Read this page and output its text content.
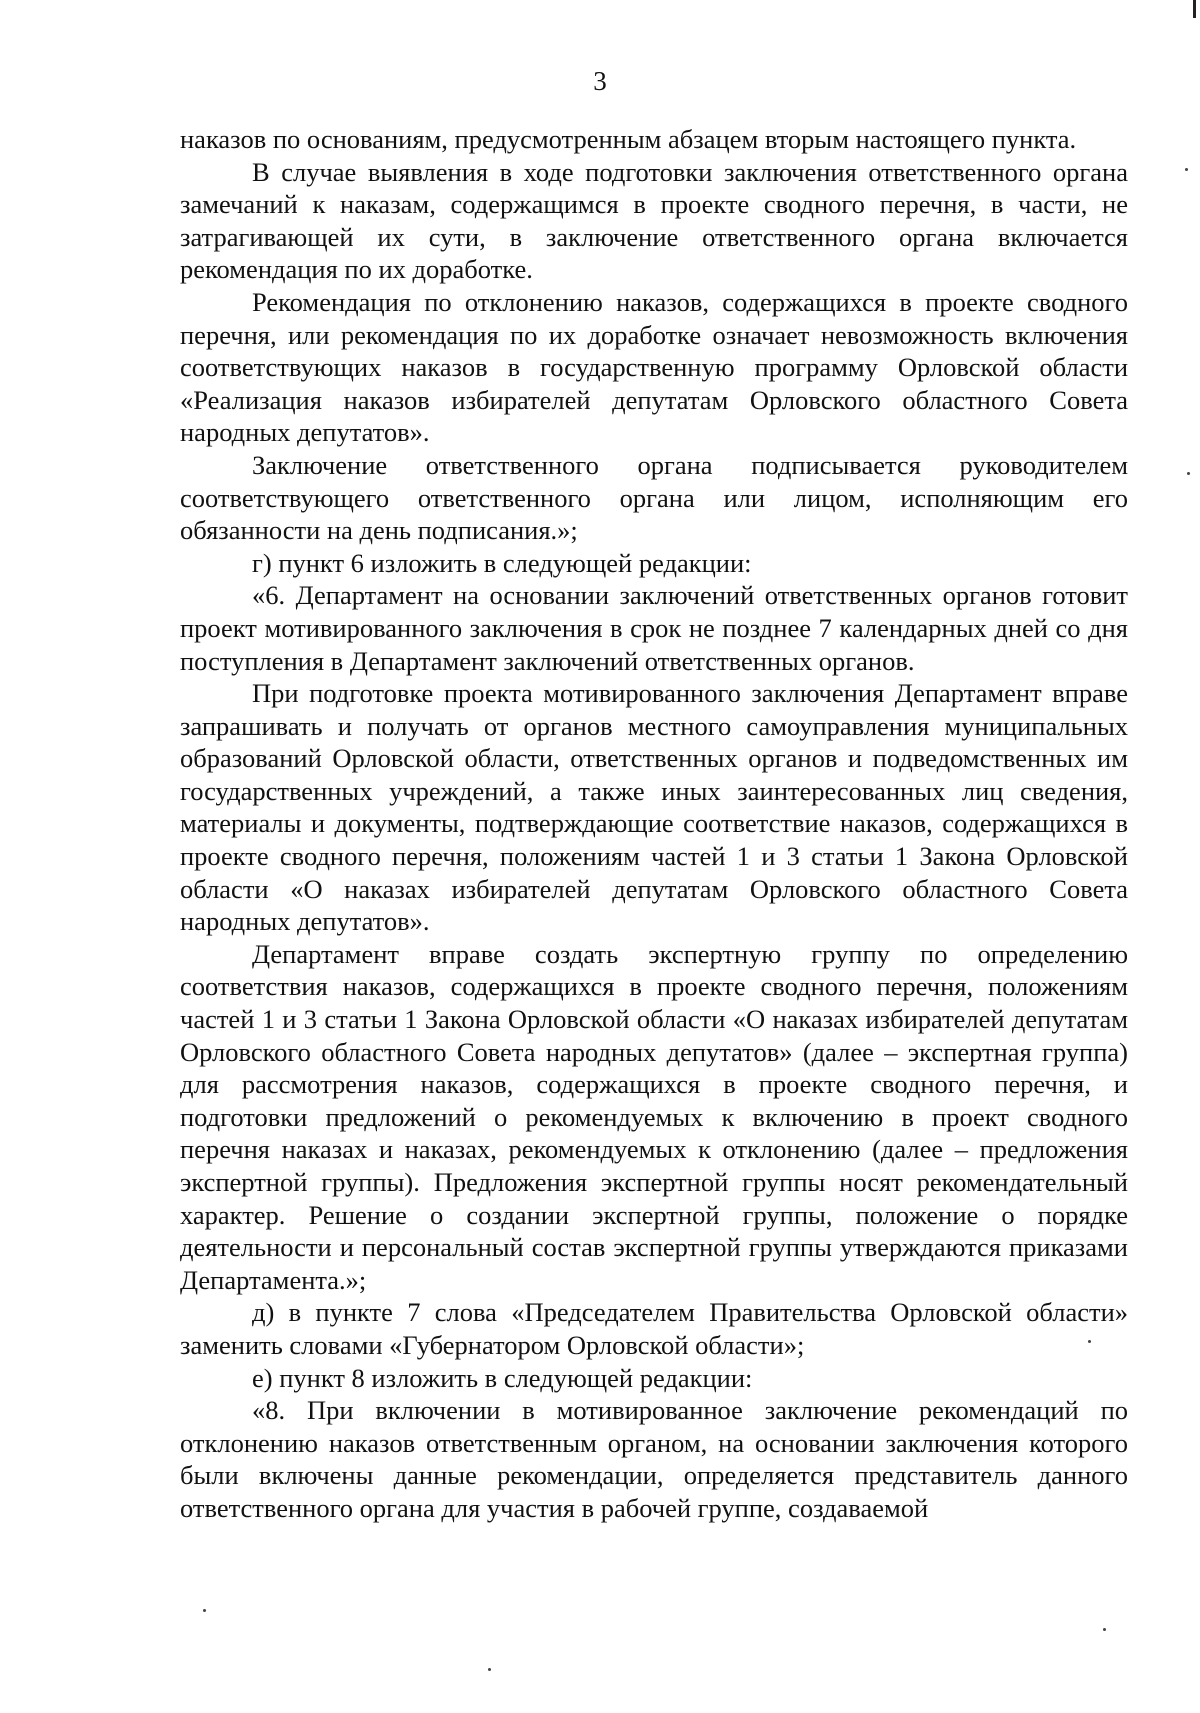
3

наказов по основаниям, предусмотренным абзацем вторым настоящего пункта.

В случае выявления в ходе подготовки заключения ответственного органа замечаний к наказам, содержащимся в проекте сводного перечня, в части, не затрагивающей их сути, в заключение ответственного органа включается рекомендация по их доработке.

Рекомендация по отклонению наказов, содержащихся в проекте сводного перечня, или рекомендация по их доработке означает невозможность включения соответствующих наказов в государственную программу Орловской области «Реализация наказов избирателей депутатам Орловского областного Совета народных депутатов».

Заключение ответственного органа подписывается руководителем соответствующего ответственного органа или лицом, исполняющим его обязанности на день подписания.»;

г) пункт 6 изложить в следующей редакции:

«6. Департамент на основании заключений ответственных органов готовит проект мотивированного заключения в срок не позднее 7 календарных дней со дня поступления в Департамент заключений ответственных органов.

При подготовке проекта мотивированного заключения Департамент вправе запрашивать и получать от органов местного самоуправления муниципальных образований Орловской области, ответственных органов и подведомственных им государственных учреждений, а также иных заинтересованных лиц сведения, материалы и документы, подтверждающие соответствие наказов, содержащихся в проекте сводного перечня, положениям частей 1 и 3 статьи 1 Закона Орловской области «О наказах избирателей депутатам Орловского областного Совета народных депутатов».

Департамент вправе создать экспертную группу по определению соответствия наказов, содержащихся в проекте сводного перечня, положениям частей 1 и 3 статьи 1 Закона Орловской области «О наказах избирателей депутатам Орловского областного Совета народных депутатов» (далее – экспертная группа) для рассмотрения наказов, содержащихся в проекте сводного перечня, и подготовки предложений о рекомендуемых к включению в проект сводного перечня наказах и наказах, рекомендуемых к отклонению (далее – предложения экспертной группы). Предложения экспертной группы носят рекомендательный характер. Решение о создании экспертной группы, положение о порядке деятельности и персональный состав экспертной группы утверждаются приказами Департамента.»;

д) в пункте 7 слова «Председателем Правительства Орловской области» заменить словами «Губернатором Орловской области»;

е) пункт 8 изложить в следующей редакции:

«8. При включении в мотивированное заключение рекомендаций по отклонению наказов ответственным органом, на основании заключения которого были включены данные рекомендации, определяется представитель данного ответственного органа для участия в рабочей группе, создаваемой
